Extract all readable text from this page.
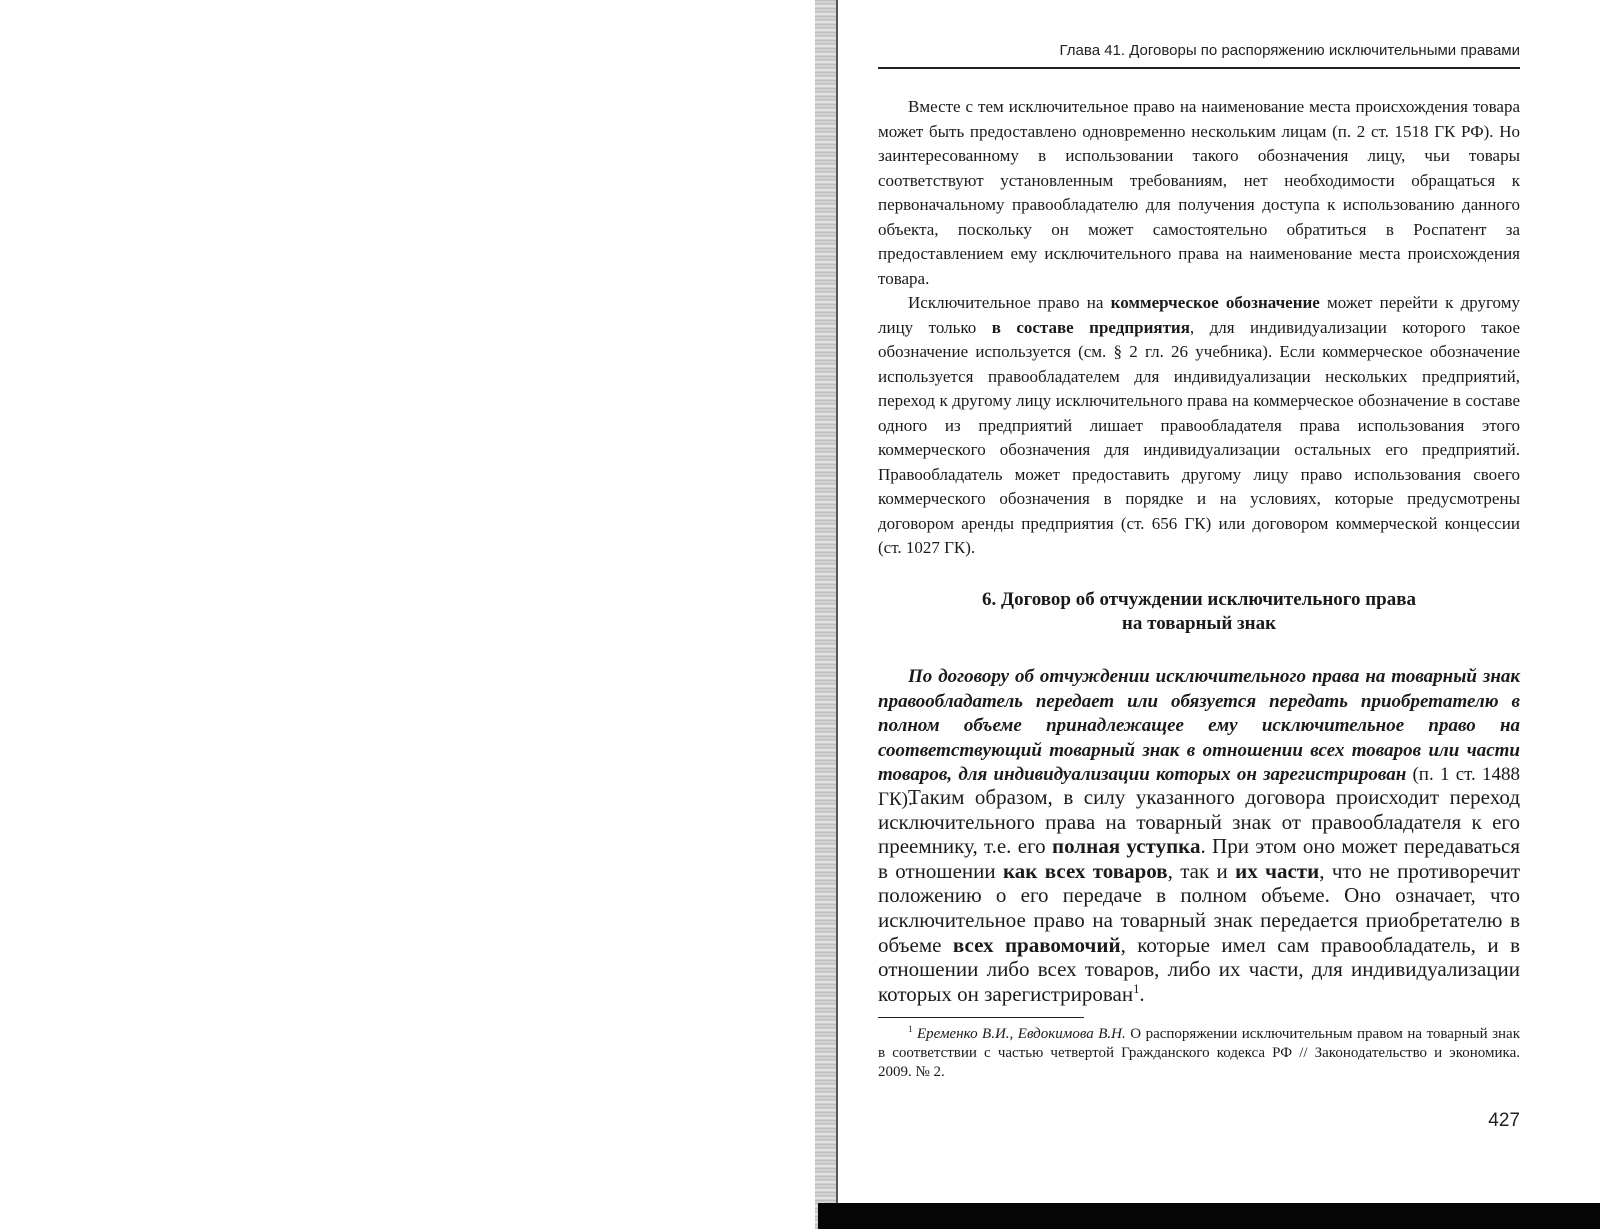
Глава 41. Договоры по распоряжению исключительными правами

Вместе с тем исключительное право на наименование места происхождения товара может быть предоставлено одновременно нескольким лицам (п. 2 ст. 1518 ГК РФ). Но заинтересованному в использовании такого обозначения лицу, чьи товары соответствуют установленным требованиям, нет необходимости обращаться к первоначальному правообладателю для получения доступа к использованию данного объекта, поскольку он может самостоятельно обратиться в Роспатент за предоставлением ему исключительного права на наименование места происхождения товара.

Исключительное право на коммерческое обозначение может перейти к другому лицу только в составе предприятия, для индивидуализации которого такое обозначение используется (см. § 2 гл. 26 учебника). Если коммерческое обозначение используется правообладателем для индивидуализации нескольких предприятий, переход к другому лицу исключительного права на коммерческое обозначение в составе одного из предприятий лишает правообладателя права использования этого коммерческого обозначения для индивидуализации остальных его предприятий. Правообладатель может предоставить другому лицу право использования своего коммерческого обозначения в порядке и на условиях, которые предусмотрены договором аренды предприятия (ст. 656 ГК) или договором коммерческой концессии (ст. 1027 ГК).

6. Договор об отчуждении исключительного права
на товарный знак

По договору об отчуждении исключительного права на товарный знак правообладатель передает или обязуется передать приобретателю в полном объеме принадлежащее ему исключительное право на соответствующий товарный знак в отношении всех товаров или части товаров, для индивидуализации которых он зарегистрирован (п. 1 ст. 1488 ГК).

Таким образом, в силу указанного договора происходит переход исключительного права на товарный знак от правообладателя к его преемнику, т.е. его полная уступка. При этом оно может передаваться в отношении как всех товаров, так и их части, что не противоречит положению о его передаче в полном объеме. Оно означает, что исключительное право на товарный знак передается приобретателю в объеме всех правомочий, которые имел сам правообладатель, и в отношении либо всех товаров, либо их части, для индивидуализации которых он зарегистрирован$^1$.

$^1$ Еременко В.И., Евдокимова В.Н. О распоряжении исключительным правом на товарный знак в соответствии с частью четвертой Гражданского кодекса РФ // Законодательство и экономика. 2009. № 2.

427
